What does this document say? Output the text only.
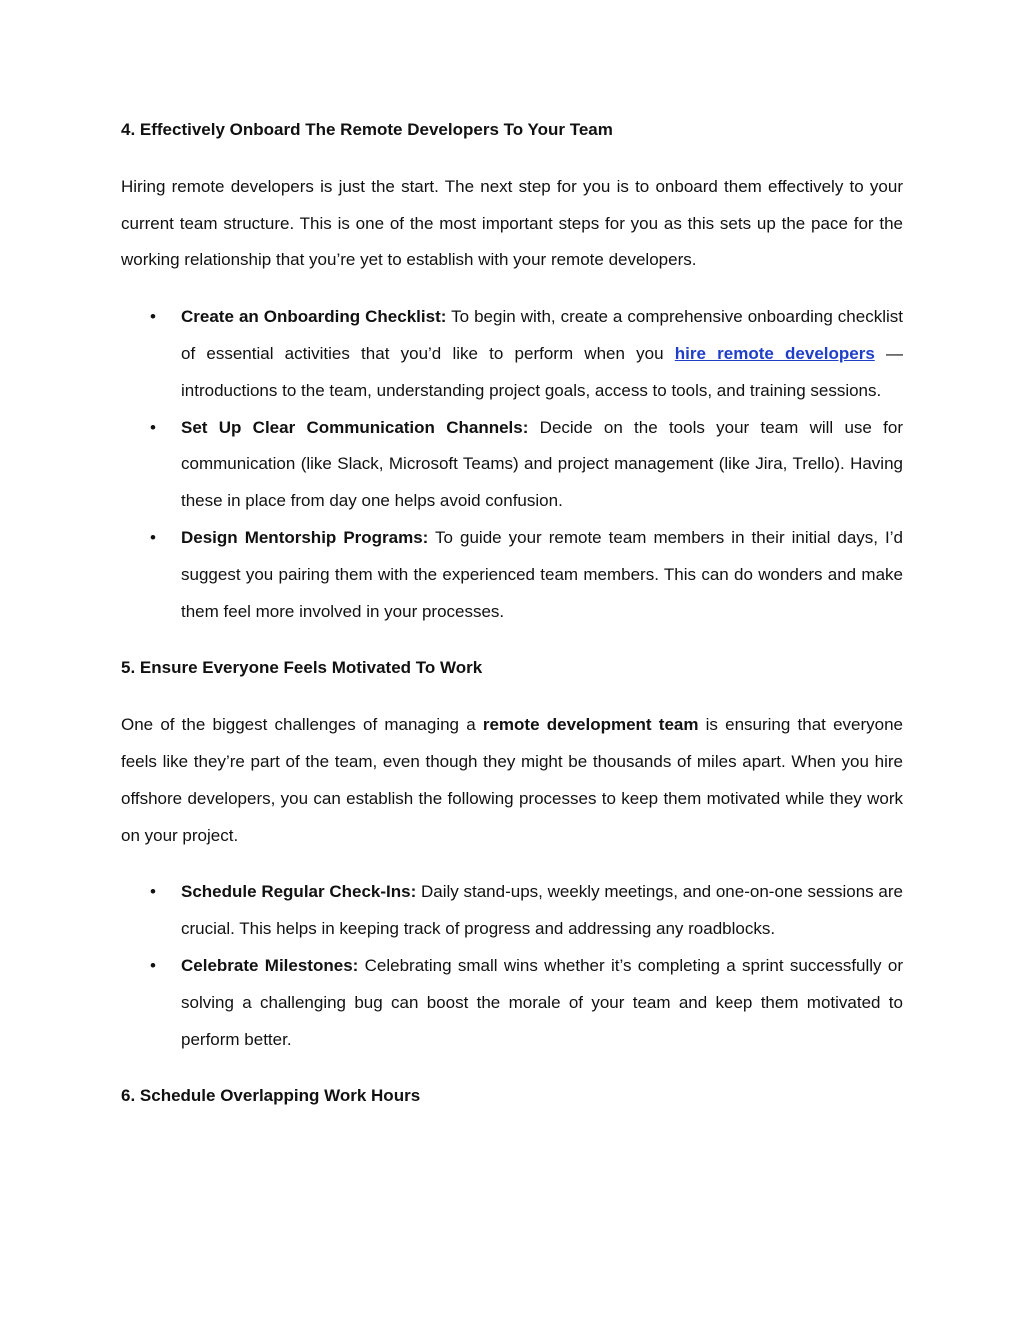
4. Effectively Onboard The Remote Developers To Your Team

Hiring remote developers is just the start. The next step for you is to onboard them effectively to your current team structure. This is one of the most important steps for you as this sets up the pace for the working relationship that you’re yet to establish with your remote developers.

• Create an Onboarding Checklist: To begin with, create a comprehensive onboarding checklist of essential activities that you’d like to perform when you hire remote developers —introductions to the team, understanding project goals, access to tools, and training sessions.
• Set Up Clear Communication Channels: Decide on the tools your team will use for communication (like Slack, Microsoft Teams) and project management (like Jira, Trello). Having these in place from day one helps avoid confusion.
• Design Mentorship Programs: To guide your remote team members in their initial days, I’d suggest you pairing them with the experienced team members. This can do wonders and make them feel more involved in your processes.

5. Ensure Everyone Feels Motivated To Work

One of the biggest challenges of managing a remote development team is ensuring that everyone feels like they’re part of the team, even though they might be thousands of miles apart. When you hire offshore developers, you can establish the following processes to keep them motivated while they work on your project.

• Schedule Regular Check-Ins: Daily stand-ups, weekly meetings, and one-on-one sessions are crucial. This helps in keeping track of progress and addressing any roadblocks.
• Celebrate Milestones: Celebrating small wins whether it’s completing a sprint successfully or solving a challenging bug can boost the morale of your team and keep them motivated to perform better.

6. Schedule Overlapping Work Hours
